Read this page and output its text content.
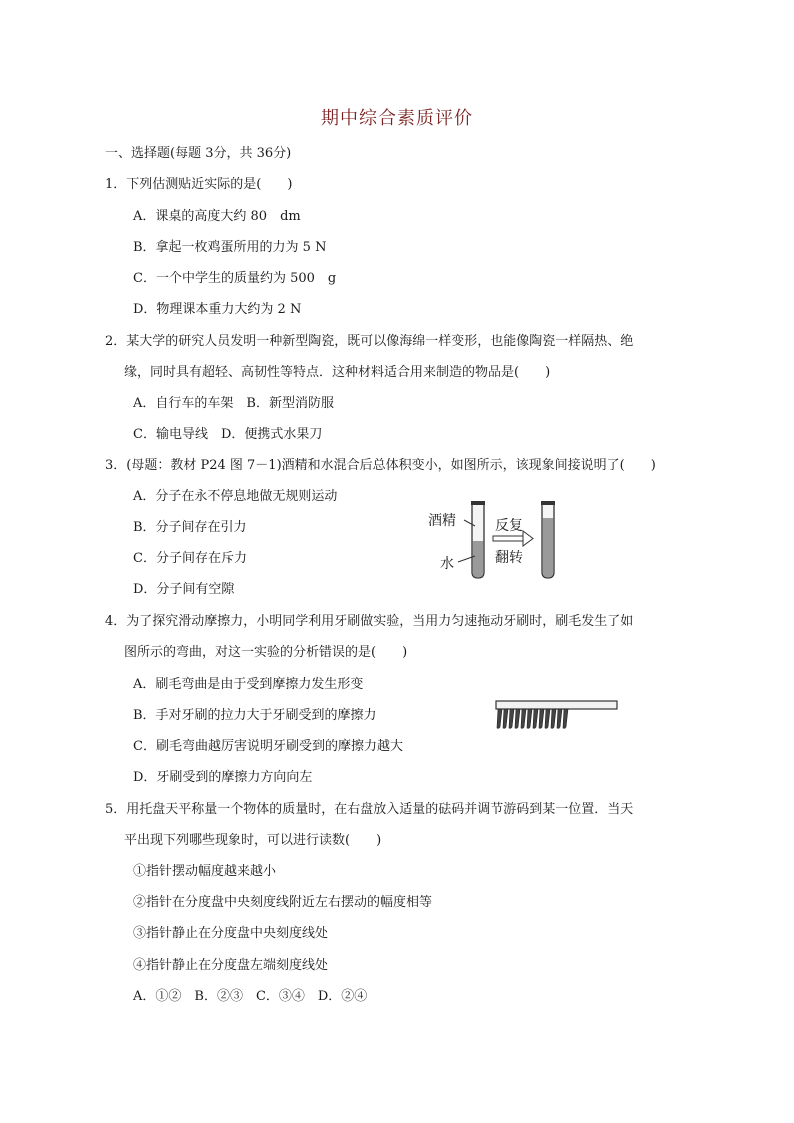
期中综合素质评价
一、选择题(每题 3分，共 36分)
1．下列估测贴近实际的是(　　)
A．课桌的高度大约 80　dm
B．拿起一枚鸡蛋所用的力为 5 N
C．一个中学生的质量约为 500　g
D．物理课本重力大约为 2 N
2．某大学的研究人员发明一种新型陶瓷，既可以像海绵一样变形，也能像陶瓷一样隔热、绝
缘，同时具有超轻、高韧性等特点．这种材料适合用来制造的物品是(　　)
A．自行车的车架　B．新型消防服
C．输电导线　D．便携式水果刀
3．(母题：教材 P24 图 7－1)酒精和水混合后总体积变小，如图所示，该现象间接说明了(　　)
A．分子在永不停息地做无规则运动
B．分子间存在引力
C．分子间存在斥力
D．分子间有空隙
酒精
水
反复
翻转
4．为了探究滑动摩擦力，小明同学利用牙刷做实验，当用力匀速拖动牙刷时，刷毛发生了如
图所示的弯曲，对这一实验的分析错误的是(　　)
A．刷毛弯曲是由于受到摩擦力发生形变
B．手对牙刷的拉力大于牙刷受到的摩擦力
C．刷毛弯曲越厉害说明牙刷受到的摩擦力越大
D．牙刷受到的摩擦力方向向左
5．用托盘天平称量一个物体的质量时，在右盘放入适量的砝码并调节游码到某一位置．当天
平出现下列哪些现象时，可以进行读数(　　)
①指针摆动幅度越来越小
②指针在分度盘中央刻度线附近左右摆动的幅度相等
③指针静止在分度盘中央刻度线处
④指针静止在分度盘左端刻度线处
A．①②　B．②③　C．③④　D．②④
